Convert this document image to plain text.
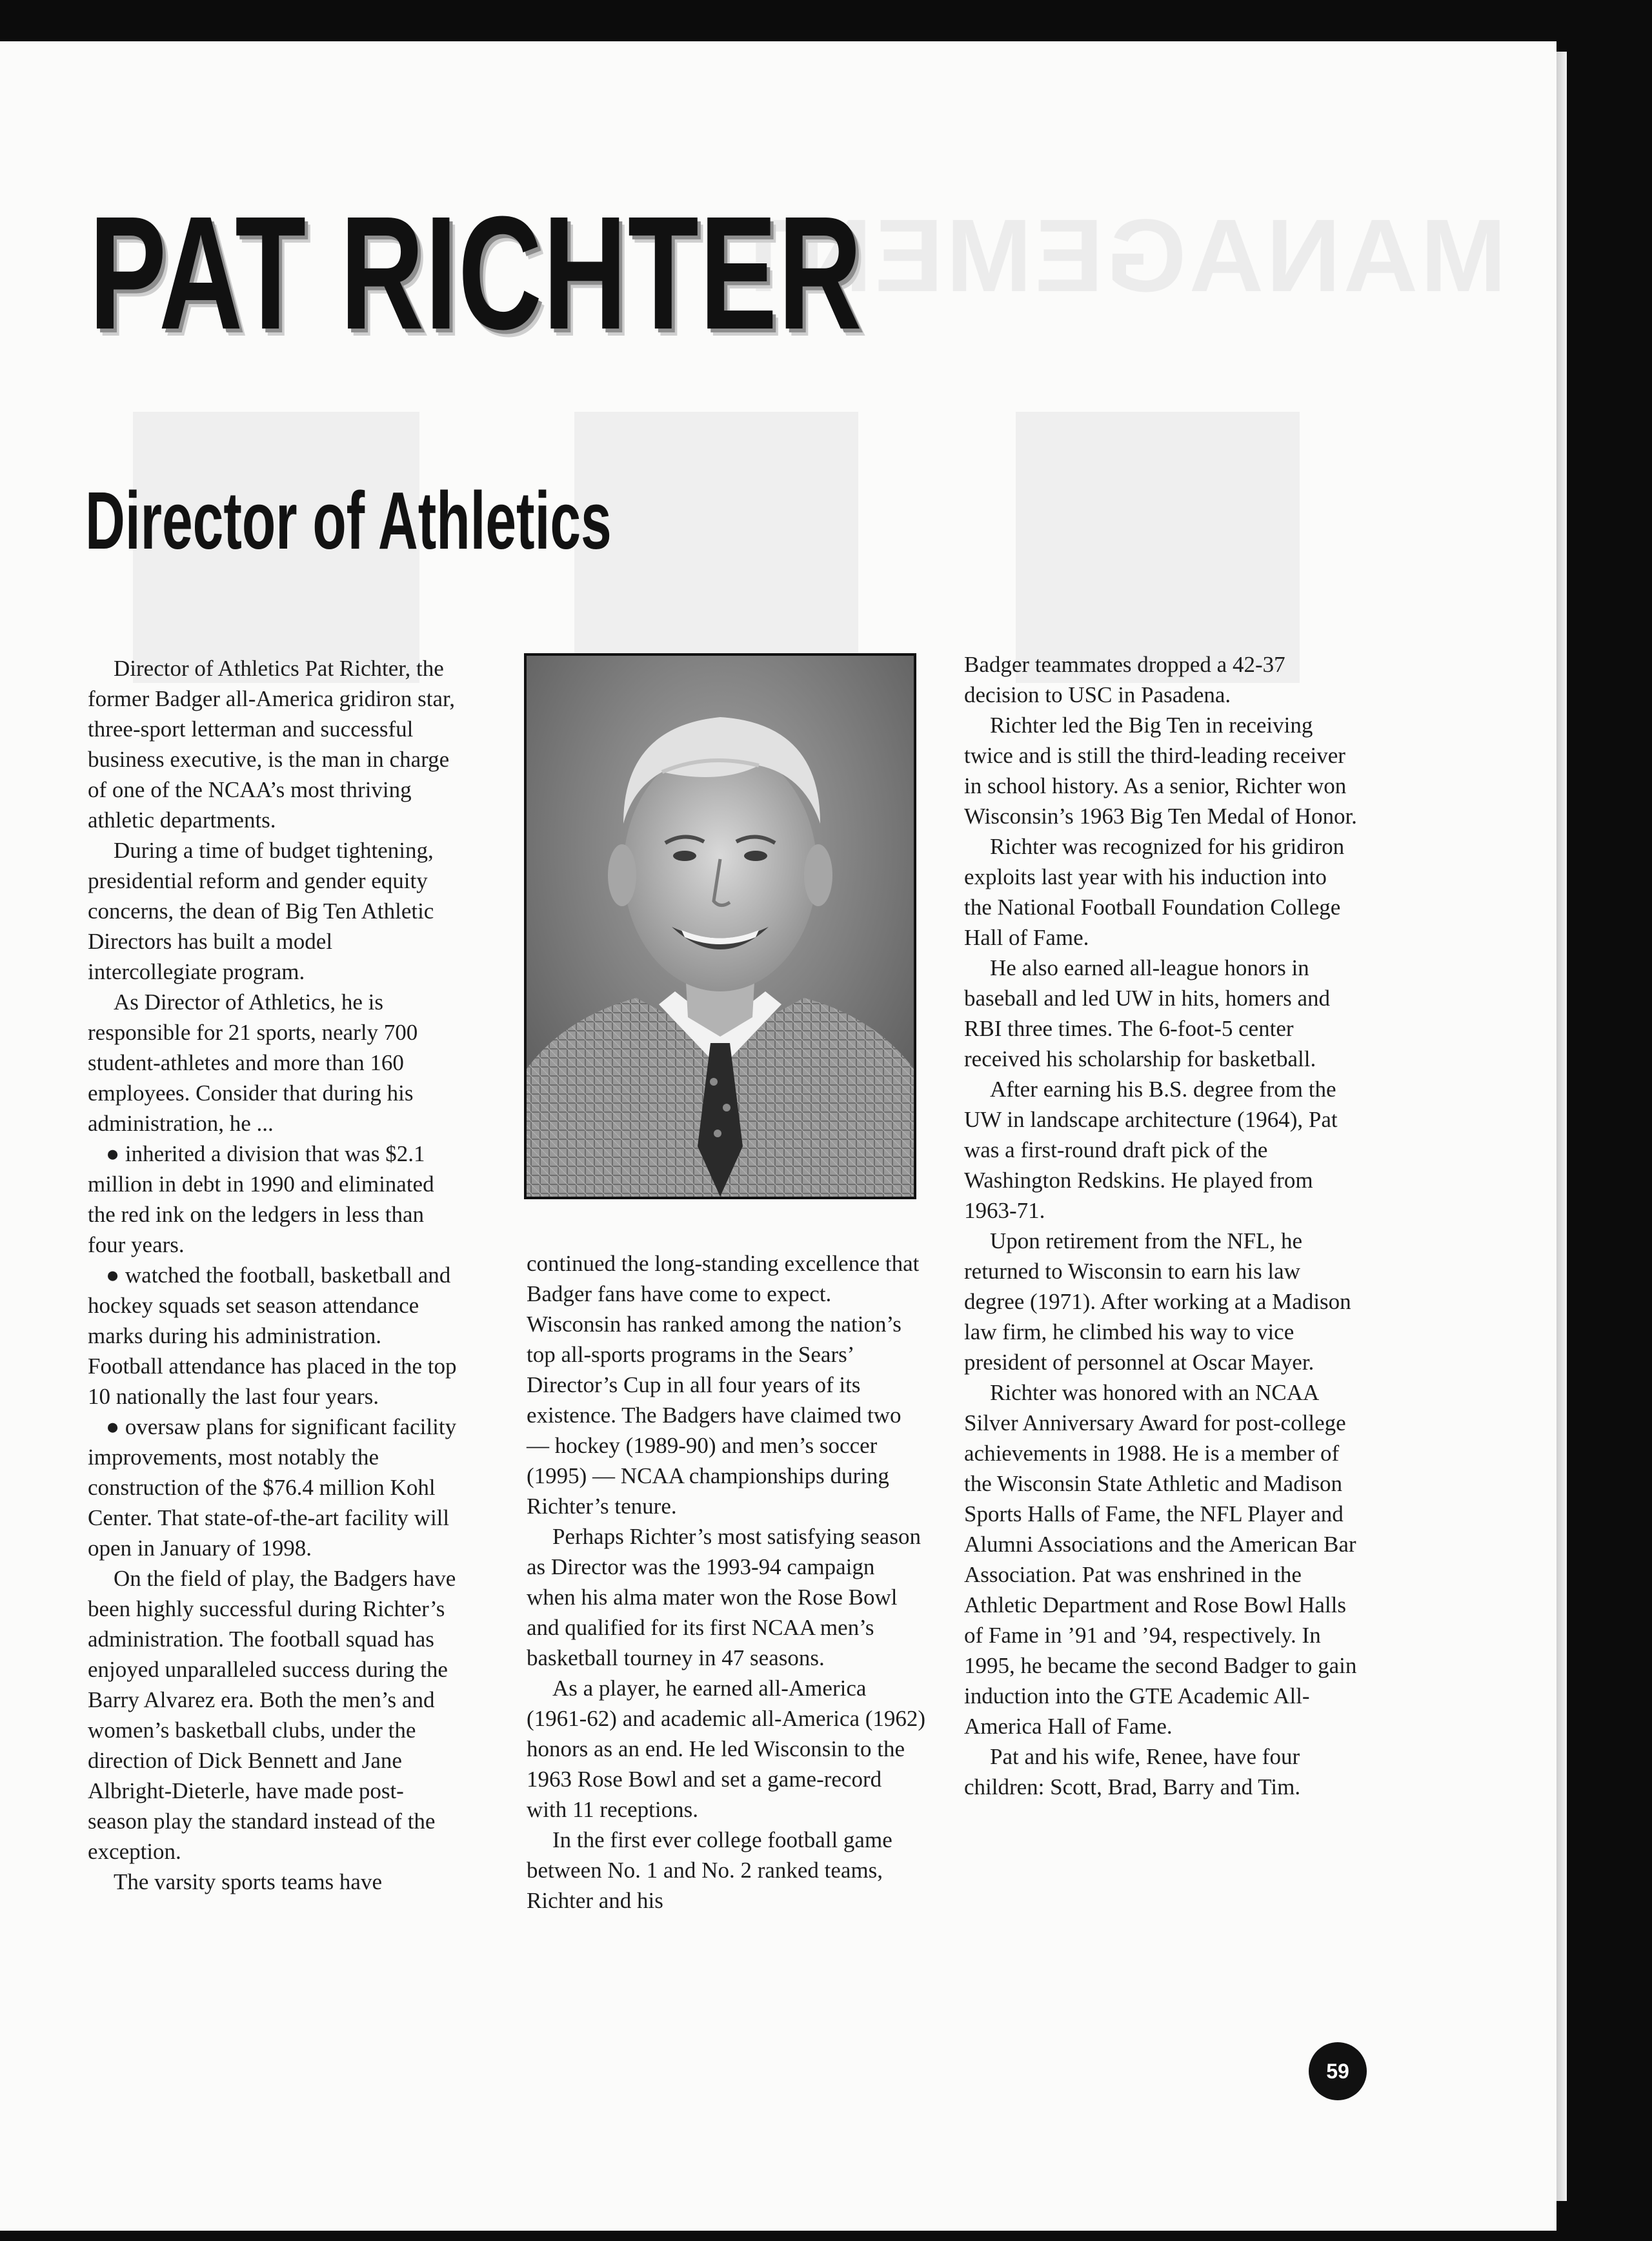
MANAGEMENT
PAT RICHTER
Director of Athletics

Director of Athletics Pat Richter, the former Badger all-America gridiron star, three-sport letterman and successful business executive, is the man in charge of one of the NCAA’s most thriving athletic departments.

During a time of budget tightening, presidential reform and gender equity concerns, the dean of Big Ten Athletic Directors has built a model intercollegiate program.

As Director of Athletics, he is responsible for 21 sports, nearly 700 student-athletes and more than 160 employees. Consider that during his administration, he ...

● inherited a division that was $2.1 million in debt in 1990 and eliminated the red ink on the ledgers in less than four years.

● watched the football, basketball and hockey squads set season attendance marks during his administration. Football attendance has placed in the top 10 nationally the last four years.

● oversaw plans for significant facility improvements, most notably the construction of the $76.4 million Kohl Center. That state-of-the-art facility will open in January of 1998.

On the field of play, the Badgers have been highly successful during Richter’s administration. The football squad has enjoyed unparalleled success during the Barry Alvarez era. Both the men’s and women’s basketball clubs, under the direction of Dick Bennett and Jane Albright-Dieterle, have made post-season play the standard instead of the exception.

The varsity sports teams have

continued the long-standing excellence that Badger fans have come to expect. Wisconsin has ranked among the nation’s top all-sports programs in the Sears’ Director’s Cup in all four years of its existence. The Badgers have claimed two — hockey (1989-90) and men’s soccer (1995) — NCAA championships during Richter’s tenure.

Perhaps Richter’s most satisfying season as Director was the 1993-94 campaign when his alma mater won the Rose Bowl and qualified for its first NCAA men’s basketball tourney in 47 seasons.

As a player, he earned all-America (1961-62) and academic all-America (1962) honors as an end. He led Wisconsin to the 1963 Rose Bowl and set a game-record with 11 receptions.

In the first ever college football game between No. 1 and No. 2 ranked teams, Richter and his

Badger teammates dropped a 42-37 decision to USC in Pasadena.

Richter led the Big Ten in receiving twice and is still the third-leading receiver in school history. As a senior, Richter won Wisconsin’s 1963 Big Ten Medal of Honor.

Richter was recognized for his gridiron exploits last year with his induction into the National Football Foundation College Hall of Fame.

He also earned all-league honors in baseball and led UW in hits, homers and RBI three times. The 6-foot-5 center received his scholarship for basketball.

After earning his B.S. degree from the UW in landscape architecture (1964), Pat was a first-round draft pick of the Washington Redskins. He played from 1963-71.

Upon retirement from the NFL, he returned to Wisconsin to earn his law degree (1971). After working at a Madison law firm, he climbed his way to vice president of personnel at Oscar Mayer.

Richter was honored with an NCAA Silver Anniversary Award for post-college achievements in 1988. He is a member of the Wisconsin State Athletic and Madison Sports Halls of Fame, the NFL Player and Alumni Associations and the American Bar Association. Pat was enshrined in the Athletic Department and Rose Bowl Halls of Fame in ’91 and ’94, respectively. In 1995, he became the second Badger to gain induction into the GTE Academic All-America Hall of Fame.

Pat and his wife, Renee, have four children: Scott, Brad, Barry and Tim.

59
